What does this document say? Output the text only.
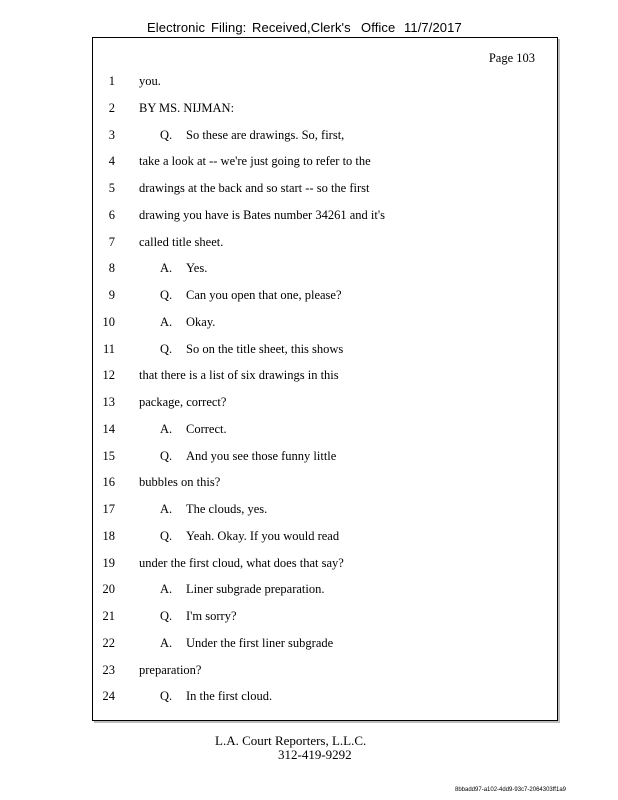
Electronic Filing: Received,Clerk's Office 11/7/2017
Page 103
1 you.
2 BY MS. NIJMAN:
3	Q. So these are drawings. So, first,
4 take a look at -- we're just going to refer to the
5 drawings at the back and so start -- so the first
6 drawing you have is Bates number 34261 and it's
7 called title sheet.
8	A. Yes.
9	Q. Can you open that one, please?
10	A. Okay.
11	Q. So on the title sheet, this shows
12 that there is a list of six drawings in this
13 package, correct?
14	A. Correct.
15	Q. And you see those funny little
16 bubbles on this?
17	A. The clouds, yes.
18	Q. Yeah. Okay. If you would read
19 under the first cloud, what does that say?
20	A. Liner subgrade preparation.
21	Q. I'm sorry?
22	A. Under the first liner subgrade
23 preparation?
24	Q. In the first cloud.
L.A. Court Reporters, L.L.C.
312-419-9292
8bbadd97-a102-4dd9-93c7-2064303ff1a9
